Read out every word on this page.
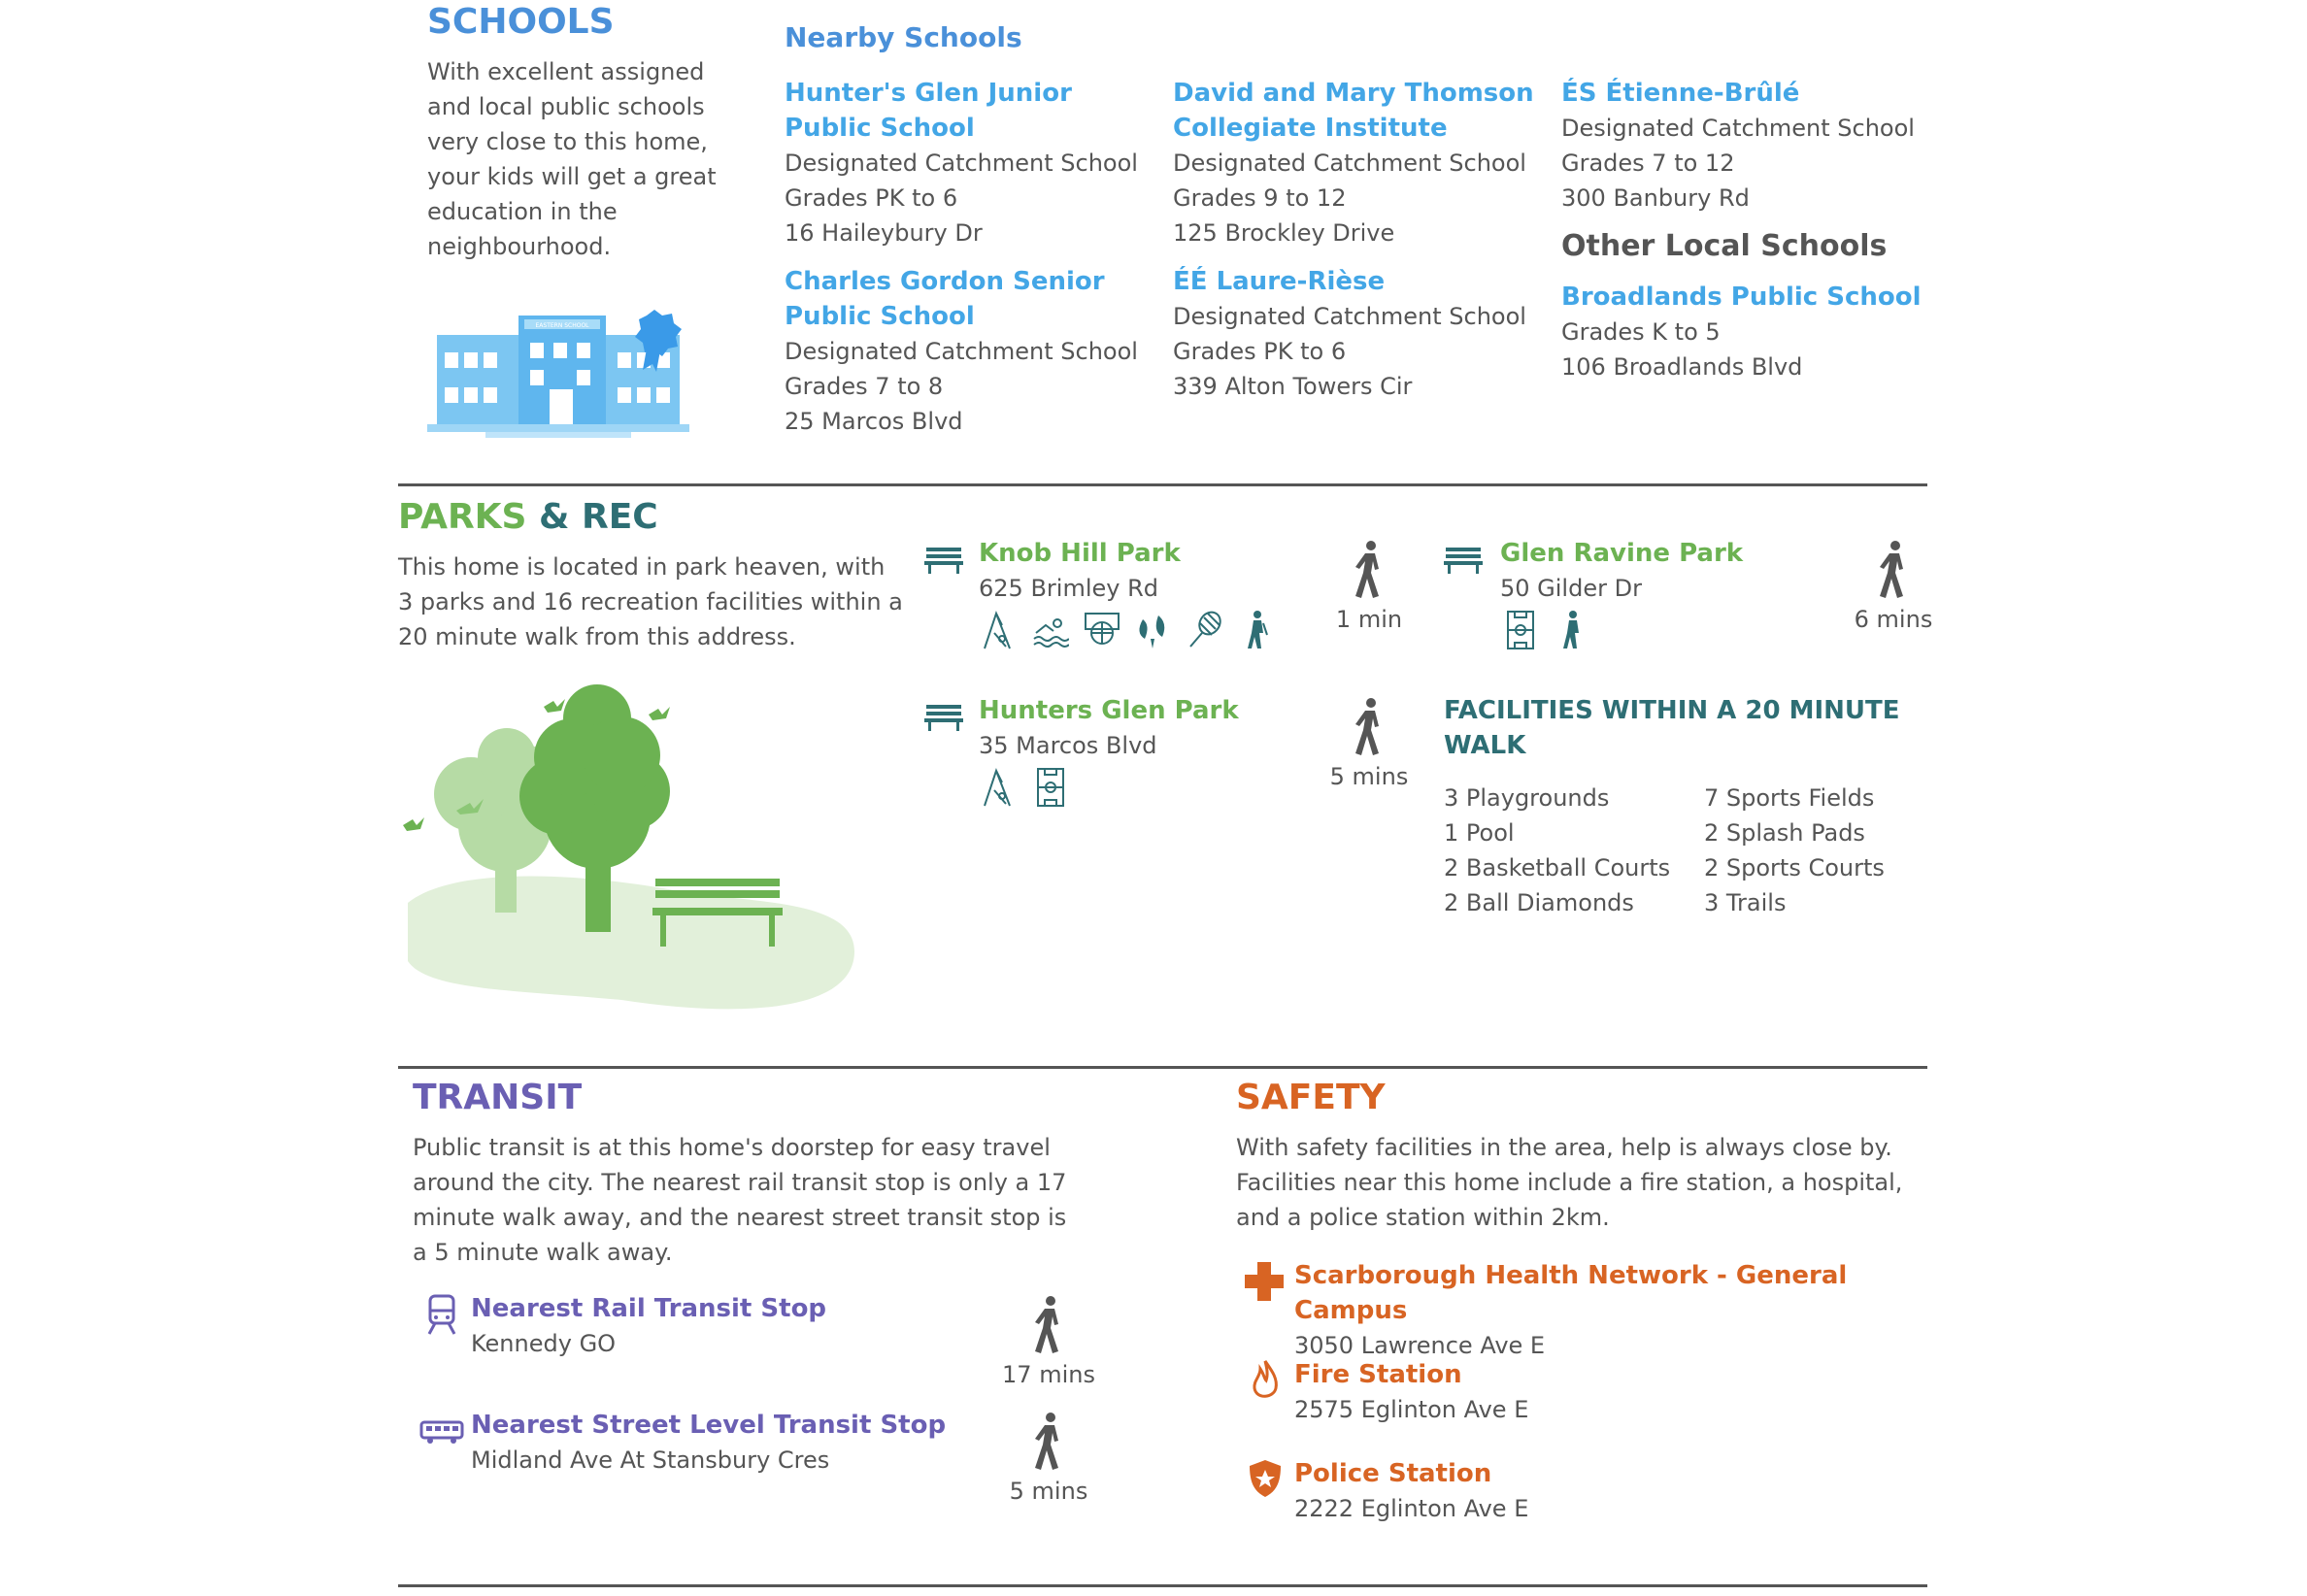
SCHOOLS
With excellent assigned and local public schools very close to this home, your kids will get a great education in the neighbourhood.
EASTERN SCHOOL
Nearby Schools
Hunter's Glen Junior Public School
Designated Catchment School
Grades PK to 6
16 Haileybury Dr
Charles Gordon Senior Public School
Designated Catchment School
Grades 7 to 8
25 Marcos Blvd
David and Mary Thomson Collegiate Institute
Designated Catchment School
Grades 9 to 12
125 Brockley Drive
ÉÉ Laure-Rièse
Designated Catchment School
Grades PK to 6
339 Alton Towers Cir
ÉS Étienne-Brûlé
Designated Catchment School
Grades 7 to 12
300 Banbury Rd
Other Local Schools
Broadlands Public School
Grades K to 5
106 Broadlands Blvd
PARKS & REC
This home is located in park heaven, with 3 parks and 16 recreation facilities within a 20 minute walk from this address.
Knob Hill Park
625 Brimley Rd

1 min
Glen Ravine Park
50 Gilder Dr

6 mins
Hunters Glen Park
35 Marcos Blvd

5 mins
FACILITIES WITHIN A 20 MINUTE WALK
3 Playgrounds
1 Pool
2 Basketball Courts
2 Ball Diamonds
7 Sports Fields
2 Splash Pads
2 Sports Courts
3 Trails
TRANSIT
Public transit is at this home's doorstep for easy travel around the city. The nearest rail transit stop is only a 17 minute walk away, and the nearest street transit stop is a 5 minute walk away.
Nearest Rail Transit Stop
Kennedy GO
17 mins
Nearest Street Level Transit Stop
Midland Ave At Stansbury Cres
5 mins
SAFETY
With safety facilities in the area, help is always close by. Facilities near this home include a fire station, a hospital, and a police station within 2km.
Scarborough Health Network - General Campus
3050 Lawrence Ave E
Fire Station
2575 Eglinton Ave E
Police Station
2222 Eglinton Ave E
